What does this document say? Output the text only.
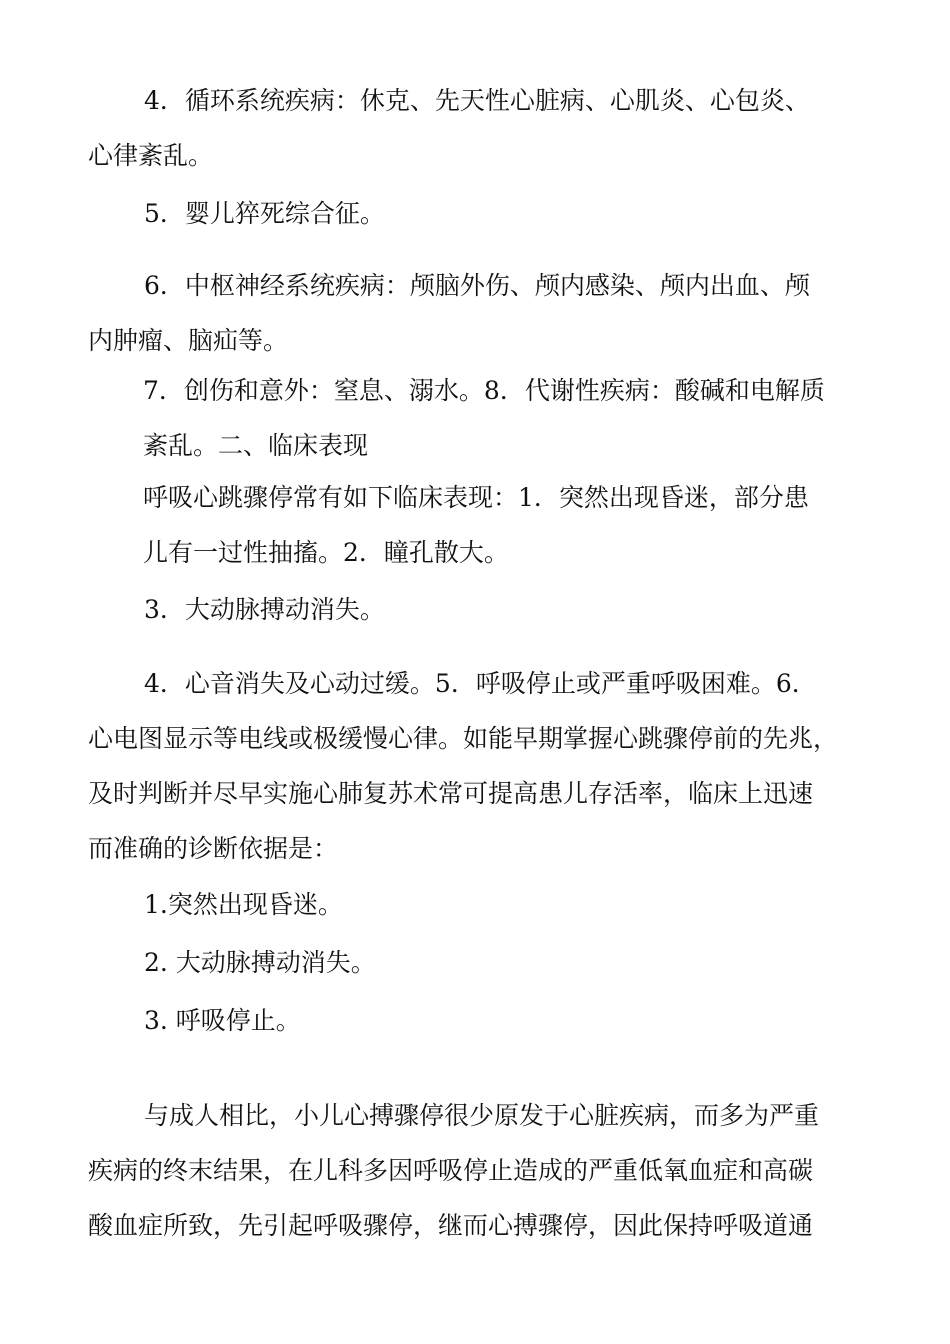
4．循环系统疾病：休克、先天性心脏病、心肌炎、心包炎、
心律紊乱。

5．婴儿猝死综合征。

6．中枢神经系统疾病：颅脑外伤、颅内感染、颅内出血、颅
内肿瘤、脑疝等。

7．创伤和意外：窒息、溺水。8．代谢性疾病：酸碱和电解质
紊乱。二、临床表现

呼吸心跳骤停常有如下临床表现：1．突然出现昏迷，部分患
儿有一过性抽搐。2．瞳孔散大。

3．大动脉搏动消失。

4．心音消失及心动过缓。5．呼吸停止或严重呼吸困难。6．
心电图显示等电线或极缓慢心律。如能早期掌握心跳骤停前的先兆，
及时判断并尽早实施心肺复苏术常可提高患儿存活率，临床上迅速
而准确的诊断依据是：

1.突然出现昏迷。

2. 大动脉搏动消失。

3. 呼吸停止。

与成人相比，小儿心搏骤停很少原发于心脏疾病，而多为严重
疾病的终末结果，在儿科多因呼吸停止造成的严重低氧血症和高碳
酸血症所致，先引起呼吸骤停，继而心搏骤停，因此保持呼吸道通
